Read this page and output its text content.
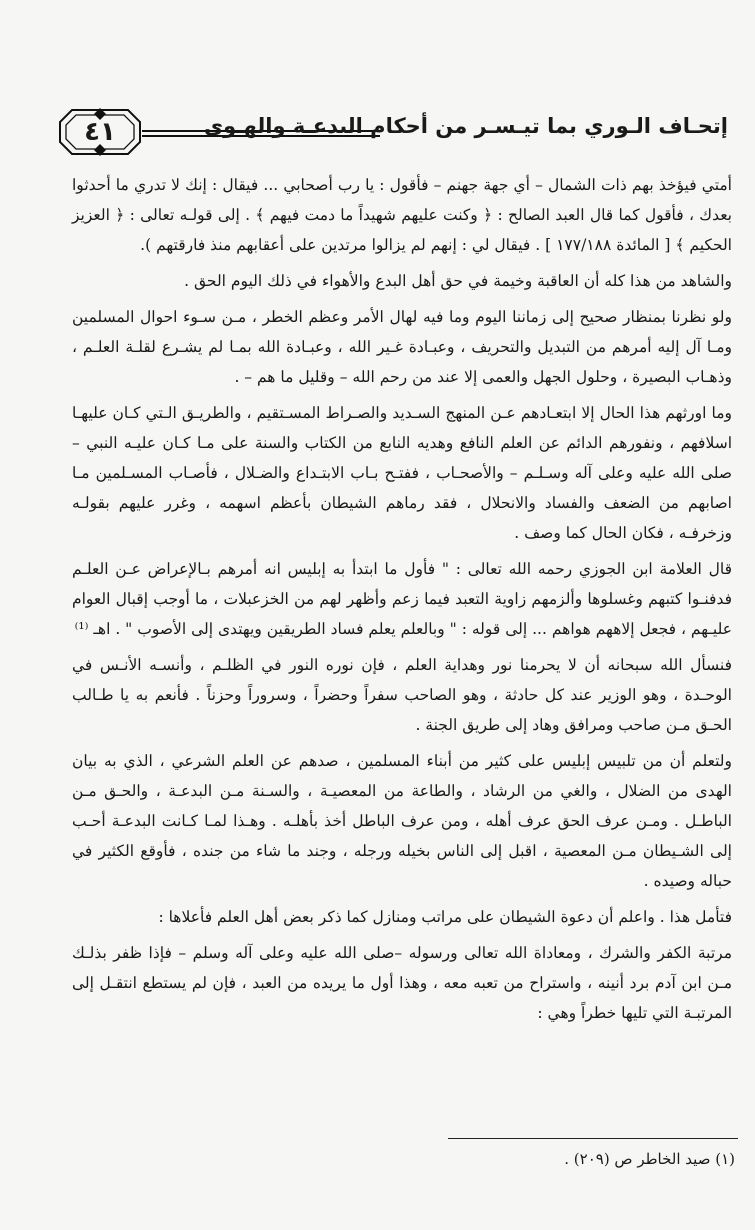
٤١	إتحـاف الـوري بما تيـسـر من أحكام البدعـة والهـوى

أمتي فيؤخذ بهم ذات الشمال – أي جهة جهنم – فأقول : يا رب أصحابي ... فيقال : إنك لا تدري ما أحدثوا بعدك ، فأقول كما قال العبد الصالح : ﴿ وكنت عليهم شهيداً ما دمت فيهم ﴾ . إلى قولـه تعالى : ﴿ العزيز الحكيم ﴾ [ المائدة ١٧٧/١٨٨ ] . فيقال لي : إنهم لم يزالوا مرتدين على أعقابهم منذ فارقتهم ).

والشاهد من هذا كله أن العاقبة وخيمة في حق أهل البدع والأهواء في ذلك اليوم الحق .

ولو نظرنا بمنظار صحيح إلى زماننا اليوم وما فيه لهال الأمر وعظم الخطر ، مـن سـوء احوال المسلمين ومـا آل إليه أمرهم من التبديل والتحريف ، وعبـادة غـير الله ، وعبـادة الله بمـا لم يشـرع لقلـة العلـم ، وذهـاب البصيرة ، وحلول الجهل والعمى إلا عند من رحم الله – وقليل ما هم – .

وما اورثهم هذا الحال إلا ابتعـادهم عـن المنهج السـديد والصـراط المسـتقيم ، والطريـق الـتي كـان عليهـا اسلافهم ، ونفورهم الدائم عن العلم النافع وهديه النابع من الكتاب والسنة على مـا كـان عليـه النبي – صلى الله عليه وعلى آله وسـلـم – والأصحـاب ، ففتـح بـاب الابتـداع والضـلال ، فأصـاب المسـلمين مـا اصابهم من الضعف والفساد والانحلال ، فقد رماهم الشيطان بأعظم اسهمه ، وغرر عليهم بقولـه وزخرفـه ، فكان الحال كما وصف .

قال العلامة ابن الجوزي رحمه الله تعالى : " فأول ما ابتدأ به إبليس انه أمرهم بـالإعراض عـن العلـم فدفنـوا كتبهم وغسلوها وألزمهم زاوية التعبد فيما زعم وأظهر لهم من الخزعبلات ، ما أوجب إقبال العوام عليـهم ، فجعل إلاههم هواهم ... إلى قوله : " وبالعلم يعلم فساد الطريقين ويهتدى إلى الأصوب " . اهـ ⁽¹⁾

فنسأل الله سبحانه أن لا يحرمنا نور وهداية العلم ، فإن نوره النور في الظلـم ، وأنسـه الأنـس في الوحـدة ، وهو الوزير عند كل حادثة ، وهو الصاحب سفراً وحضراً ، وسروراً وحزناً . فأنعم به يا طـالب الحـق مـن صاحب ومرافق وهاد إلى طريق الجنة .

ولتعلم أن من تلبيس إبليس على كثير من أبناء المسلمين ، صدهم عن العلم الشرعي ، الذي به بيان الهدى من الضلال ، والغي من الرشاد ، والطاعة من المعصيـة ، والسـنة مـن البدعـة ، والحـق مـن الباطـل . ومـن عرف الحق عرف أهله ، ومن عرف الباطل أخذ بأهلـه . وهـذا لمـا كـانت البدعـة أحـب إلى الشـيطان مـن المعصية ، اقبل إلى الناس بخيله ورجله ، وجند ما شاء من جنده ، فأوقع الكثير في حباله وصيده .

فتأمل هذا . واعلم أن دعوة الشيطان على مراتب ومنازل كما ذكر بعض أهل العلم فأعلاها :

مرتبة الكفر والشرك ، ومعاداة الله تعالى ورسوله –صلى الله عليه وعلى آله وسلم – فإذا ظفر بذلـك مـن ابن آدم برد أنينه ، واستراح من تعبه معه ، وهذا أول ما يريده من العبد ، فإن لم يستطع انتقـل إلى المرتبـة التي تليها خطراً وهي :

(١) صيد الخاطر ص (٢٠٩) .
